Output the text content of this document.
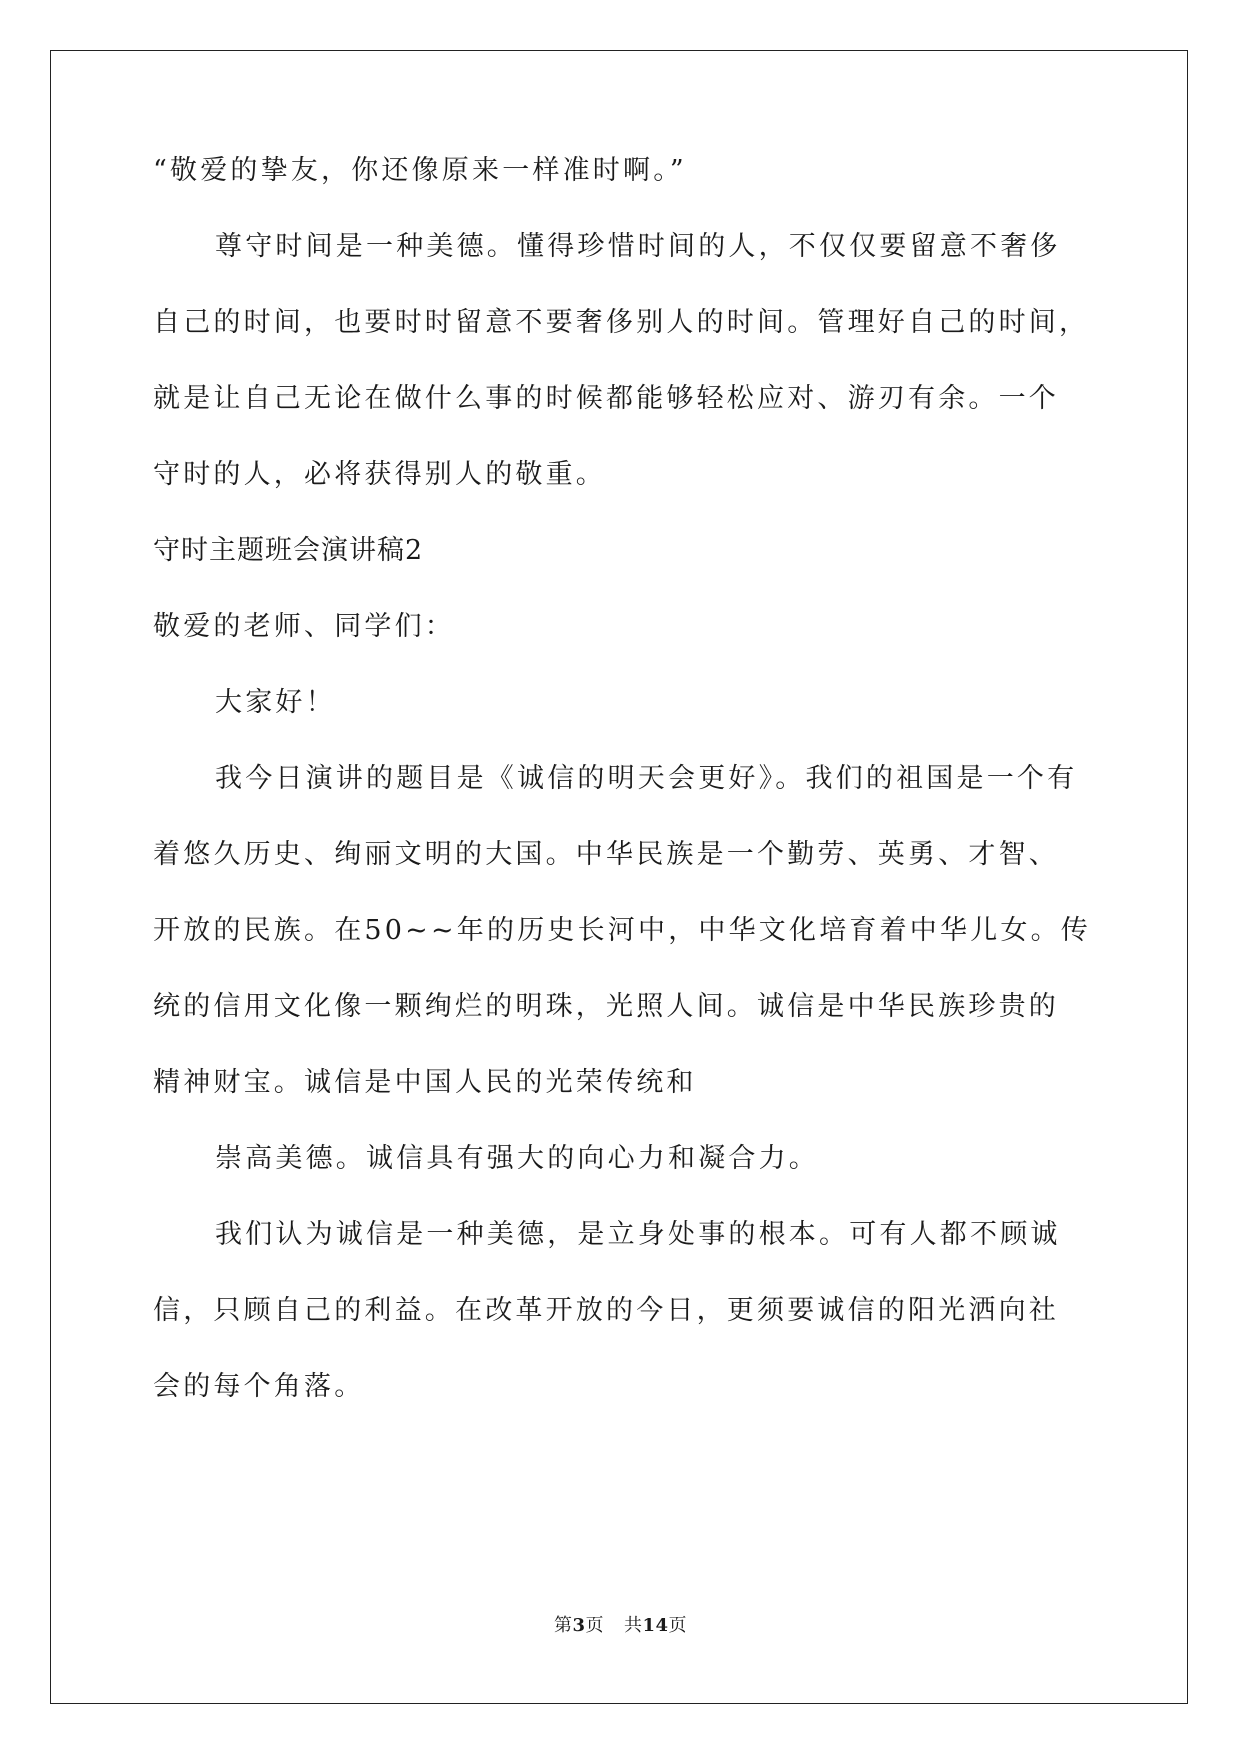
“敬爱的挚友，你还像原来一样准时啊。”
尊守时间是一种美德。懂得珍惜时间的人，不仅仅要留意不奢侈
自己的时间，也要时时留意不要奢侈别人的时间。管理好自己的时间，
就是让自己无论在做什么事的时候都能够轻松应对、游刃有余。一个
守时的人，必将获得别人的敬重。
守时主题班会演讲稿2
敬爱的老师、同学们：
大家好！
我今日演讲的题目是《诚信的明天会更好》。我们的祖国是一个有
着悠久历史、绚丽文明的大国。中华民族是一个勤劳、英勇、才智、
开放的民族。在50~~年的历史长河中，中华文化培育着中华儿女。传
统的信用文化像一颗绚烂的明珠，光照人间。诚信是中华民族珍贵的
精神财宝。诚信是中国人民的光荣传统和
崇高美德。诚信具有强大的向心力和凝合力。
我们认为诚信是一种美德，是立身处事的根本。可有人都不顾诚
信，只顾自己的利益。在改革开放的今日，更须要诚信的阳光洒向社
会的每个角落。
第3页 共14页
